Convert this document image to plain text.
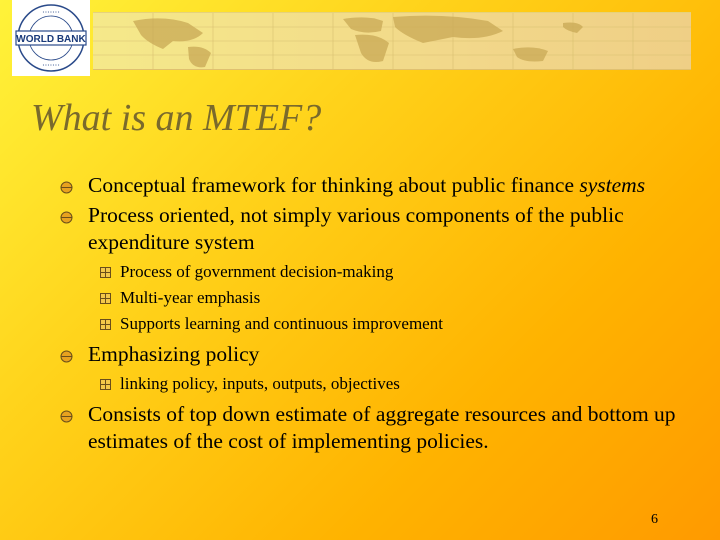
WORLD BANK
• • • • • • •
• • • • • • •
What is an MTEF?
Conceptual framework for thinking about public finance systems
Process oriented, not simply various components of the public expenditure system
Process of government decision-making
Multi-year emphasis
Supports learning and continuous improvement
Emphasizing policy
linking policy, inputs, outputs, objectives
Consists of top down estimate of aggregate resources and bottom up estimates of the cost of implementing policies.
6
